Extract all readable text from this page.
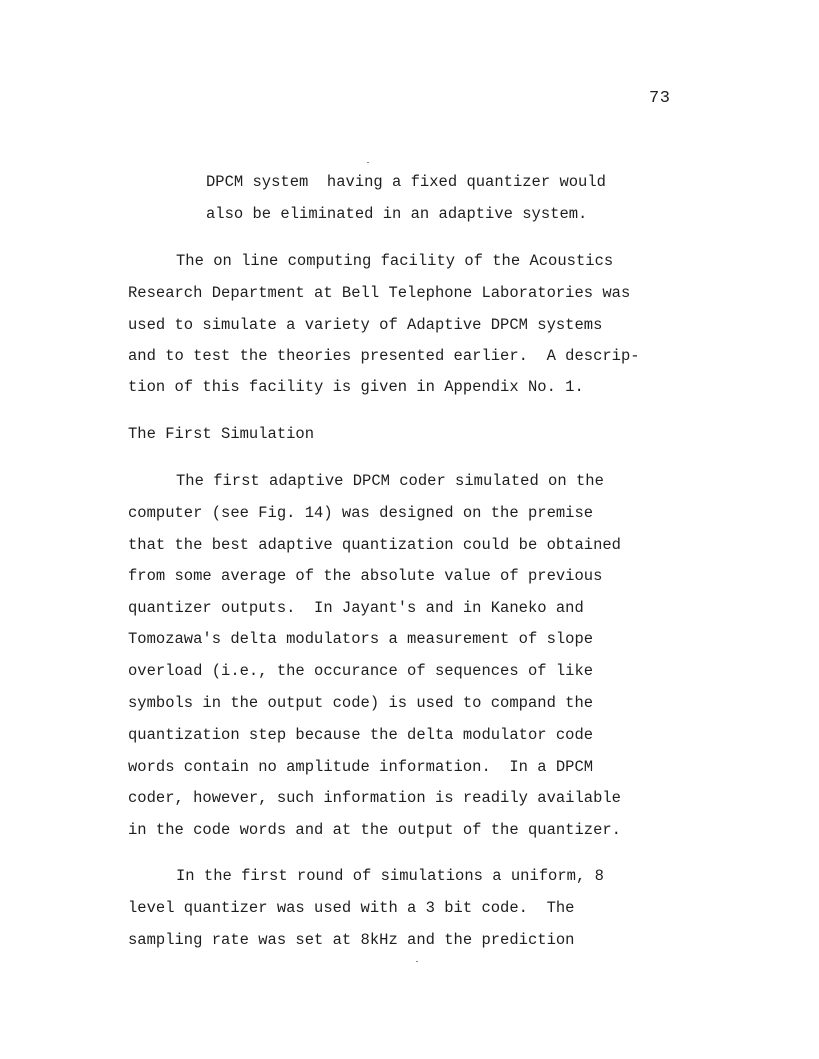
73
DPCM system  having a fixed quantizer would
also be eliminated in an adaptive system.
The on line computing facility of the Acoustics
Research Department at Bell Telephone Laboratories was
used to simulate a variety of Adaptive DPCM systems
and to test the theories presented earlier.  A descrip-
tion of this facility is given in Appendix No. 1.
The First Simulation
The first adaptive DPCM coder simulated on the
computer (see Fig. 14) was designed on the premise
that the best adaptive quantization could be obtained
from some average of the absolute value of previous
quantizer outputs.  In Jayant's and in Kaneko and
Tomozawa's delta modulators a measurement of slope
overload (i.e., the occurance of sequences of like
symbols in the output code) is used to compand the
quantization step because the delta modulator code
words contain no amplitude information.  In a DPCM
coder, however, such information is readily available
in the code words and at the output of the quantizer.
In the first round of simulations a uniform, 8
level quantizer was used with a 3 bit code.  The
sampling rate was set at 8kHz and the prediction
